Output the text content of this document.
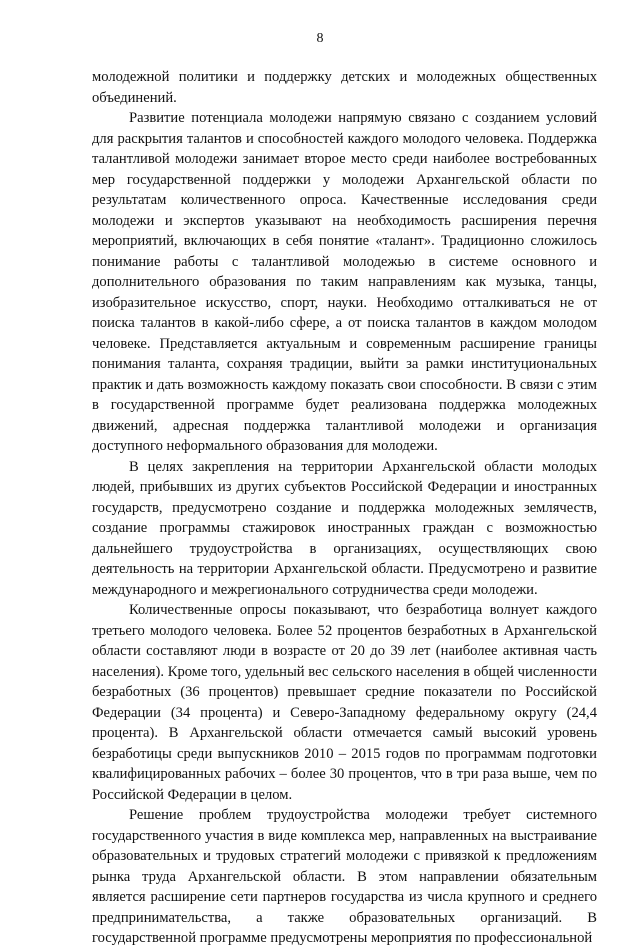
8

молодежной политики и поддержку детских и молодежных общественных объединений.

Развитие потенциала молодежи напрямую связано с созданием условий для раскрытия талантов и способностей каждого молодого человека. Поддержка талантливой молодежи занимает второе место среди наиболее востребованных мер государственной поддержки у молодежи Архангельской области по результатам количественного опроса. Качественные исследования среди молодежи и экспертов указывают на необходимость расширения перечня мероприятий, включающих в себя понятие «талант». Традиционно сложилось понимание работы с талантливой молодежью в системе основного и дополнительного образования по таким направлениям как музыка, танцы, изобразительное искусство, спорт, науки. Необходимо отталкиваться не от поиска талантов в какой-либо сфере, а от поиска талантов в каждом молодом человеке. Представляется актуальным и современным расширение границы понимания таланта, сохраняя традиции, выйти за рамки институциональных практик и дать возможность каждому показать свои способности. В связи с этим в государственной программе будет реализована поддержка молодежных движений, адресная поддержка талантливой молодежи и организация доступного неформального образования для молодежи.

В целях закрепления на территории Архангельской области молодых людей, прибывших из других субъектов Российской Федерации и иностранных государств, предусмотрено создание и поддержка молодежных землячеств, создание программы стажировок иностранных граждан с возможностью дальнейшего трудоустройства в организациях, осуществляющих свою деятельность на территории Архангельской области. Предусмотрено и развитие международного и межрегионального сотрудничества среди молодежи.

Количественные опросы показывают, что безработица волнует каждого третьего молодого человека. Более 52 процентов безработных в Архангельской области составляют люди в возрасте от 20 до 39 лет (наиболее активная часть населения). Кроме того, удельный вес сельского населения в общей численности безработных (36 процентов) превышает средние показатели по Российской Федерации (34 процента) и Северо-Западному федеральному округу (24,4 процента). В Архангельской области отмечается самый высокий уровень безработицы среди выпускников 2010 – 2015 годов по программам подготовки квалифицированных рабочих – более 30 процентов, что в три раза выше, чем по Российской Федерации в целом.

Решение проблем трудоустройства молодежи требует системного государственного участия в виде комплекса мер, направленных на выстраивание образовательных и трудовых стратегий молодежи с привязкой к предложениям рынка труда Архангельской области. В этом направлении обязательным является расширение сети партнеров государства из числа крупного и среднего предпринимательства, а также образовательных организаций. В государственной программе предусмотрены мероприятия по профессиональной
